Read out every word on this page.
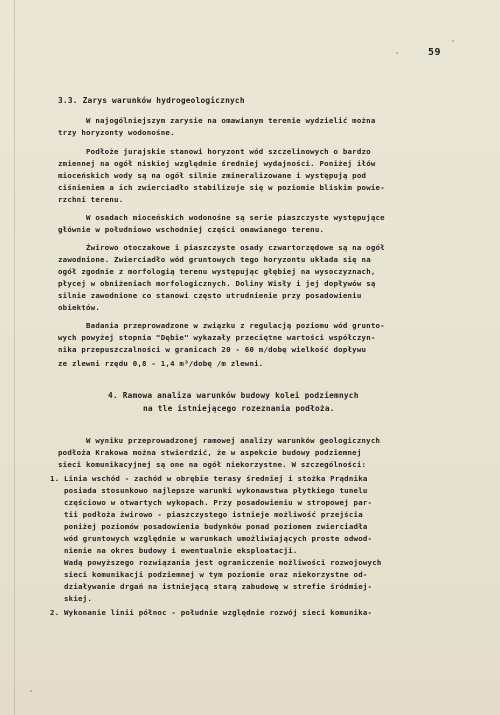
59
3.3. Zarys warunków hydrogeologicznych
W najogólniejszym zarysie na omawianym terenie wydzielić można
trzy horyzonty wodonośne.
Podłoże jurajskie stanowi horyzont wód szczelinowych o bardzo
zmiennej na ogół niskiej względnie średniej wydajności. Poniżej iłów
mioceńskich wody są na ogół silnie zmineralizowane i występują pod
ciśnieniem a ich zwierciadło stabilizuje się w poziomie bliskim powie-
rzchni terenu.
W osadach mioceńskich wodonośne są serie piaszczyste występujące
głównie w południowo wschodniej części omawianego terenu.
Żwirowo otoczakowe i piaszczyste osady czwartorzędowe są na ogół
zawodnione. Zwierciadło wód gruntowych tego horyzontu układa się na
ogół zgodnie z morfologią terenu występując głębiej na wysoczyznach,
płycej w obniżeniach morfologicznych. Doliny Wisły i jej dopływów są
silnie zawodnione co stanowi często utrudnienie przy posadowieniu
obiektów.
Badania przeprowadzone w związku z regulacją poziomu wód grunto-
wych powyżej stopnia "Dębie" wykazały przeciętne wartości współczyn-
nika przepuszczalności w granicach 20 - 60 m/dobę wielkość dopływu
ze zlewni rzędu 0,8 - 1,4 m³/dobę /m zlewni.
4. Ramowa analiza warunków budowy kolei podziemnych
na tle istniejącego rozeznania podłoża.
W wyniku przeprowadzonej ramowej analizy warunków geologicznych
podłoża Krakowa można stwierdzić, że w aspekcie budowy podziemnej
sieci komunikacyjnej są one na ogół niekorzystne. W szczególności:
1. Linia wschód - zachód w obrębie terasy średniej i stożka Prądnika
posiada stosunkowo najlepsze warunki wykonawstwa płytkiego tunelu
częściowo w otwartych wykopach. Przy posadowieniu w stropowej par-
tii podłoża żwirowo - piaszczystego istnieje możliwość przejścia
poniżej poziomów posadowienia budynków ponad poziomem zwierciadła
wód gruntowych względnie w warunkach umożliwiających proste odwod-
nienie na okres budowy i ewentualnie eksploatacji.
Wadą powyższego rozwiązania jest ograniczenie możliwości rozwojowych
sieci komunikacji podziemnej w tym poziomie oraz niekorzystne od-
działywanie drgań na istniejącą starą zabudowę w strefie śródmiej-
skiej.
2. Wykonanie linii północ - południe względnie rozwój sieci komunika-
